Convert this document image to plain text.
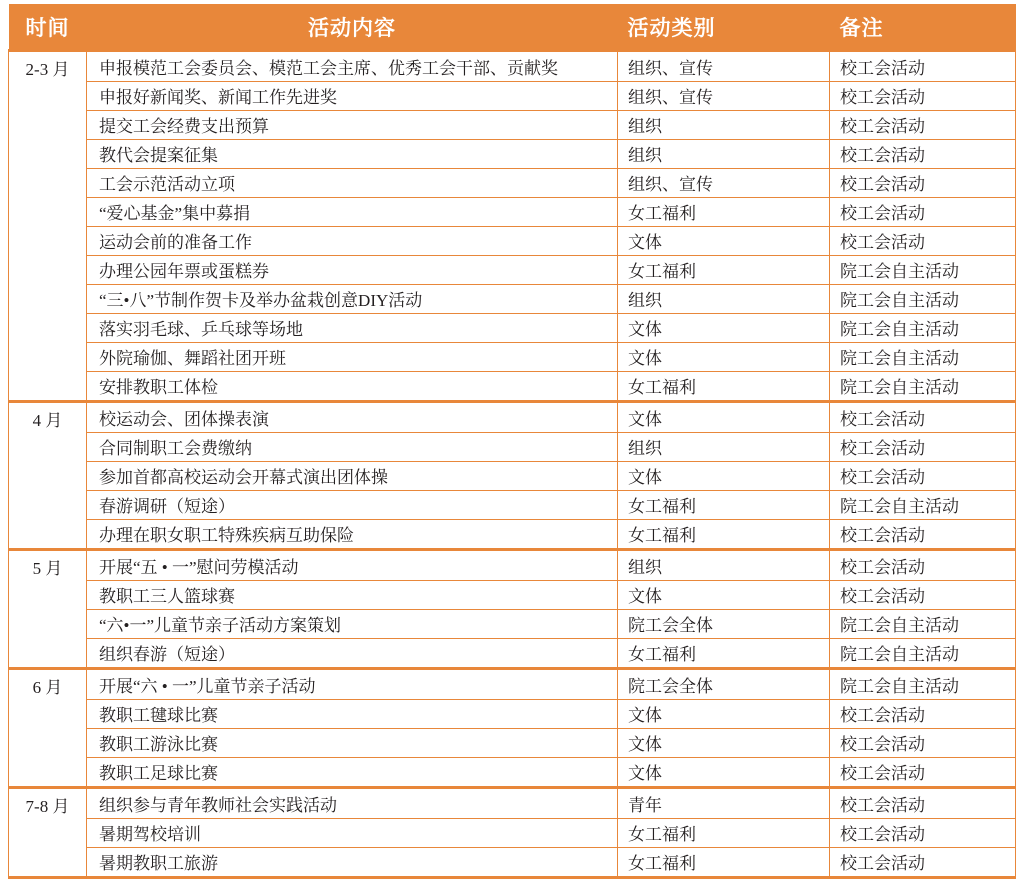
时间	活动内容	活动类别	备注
2-3 月	申报模范工会委员会、模范工会主席、优秀工会干部、贡献奖	组织、宣传	校工会活动
	申报好新闻奖、新闻工作先进奖	组织、宣传	校工会活动
	提交工会经费支出预算	组织	校工会活动
	教代会提案征集	组织	校工会活动
	工会示范活动立项	组织、宣传	校工会活动
	“爱心基金”集中募捐	女工福利	校工会活动
	运动会前的准备工作	文体	校工会活动
	办理公园年票或蛋糕券	女工福利	院工会自主活动
	“三•八”节制作贺卡及举办盆栽创意DIY活动	组织	院工会自主活动
	落实羽毛球、乒乓球等场地	文体	院工会自主活动
	外院瑜伽、舞蹈社团开班	文体	院工会自主活动
	安排教职工体检	女工福利	院工会自主活动
4 月	校运动会、团体操表演	文体	校工会活动
	合同制职工会费缴纳	组织	校工会活动
	参加首都高校运动会开幕式演出团体操	文体	校工会活动
	春游调研（短途）	女工福利	院工会自主活动
	办理在职女职工特殊疾病互助保险	女工福利	校工会活动
5 月	开展“五 • 一”慰问劳模活动	组织	校工会活动
	教职工三人篮球赛	文体	校工会活动
	“六•一”儿童节亲子活动方案策划	院工会全体	院工会自主活动
	组织春游（短途）	女工福利	院工会自主活动
6 月	开展“六 • 一”儿童节亲子活动	院工会全体	院工会自主活动
	教职工毽球比赛	文体	校工会活动
	教职工游泳比赛	文体	校工会活动
	教职工足球比赛	文体	校工会活动
7-8 月	组织参与青年教师社会实践活动	青年	校工会活动
	暑期驾校培训	女工福利	校工会活动
	暑期教职工旅游	女工福利	校工会活动
